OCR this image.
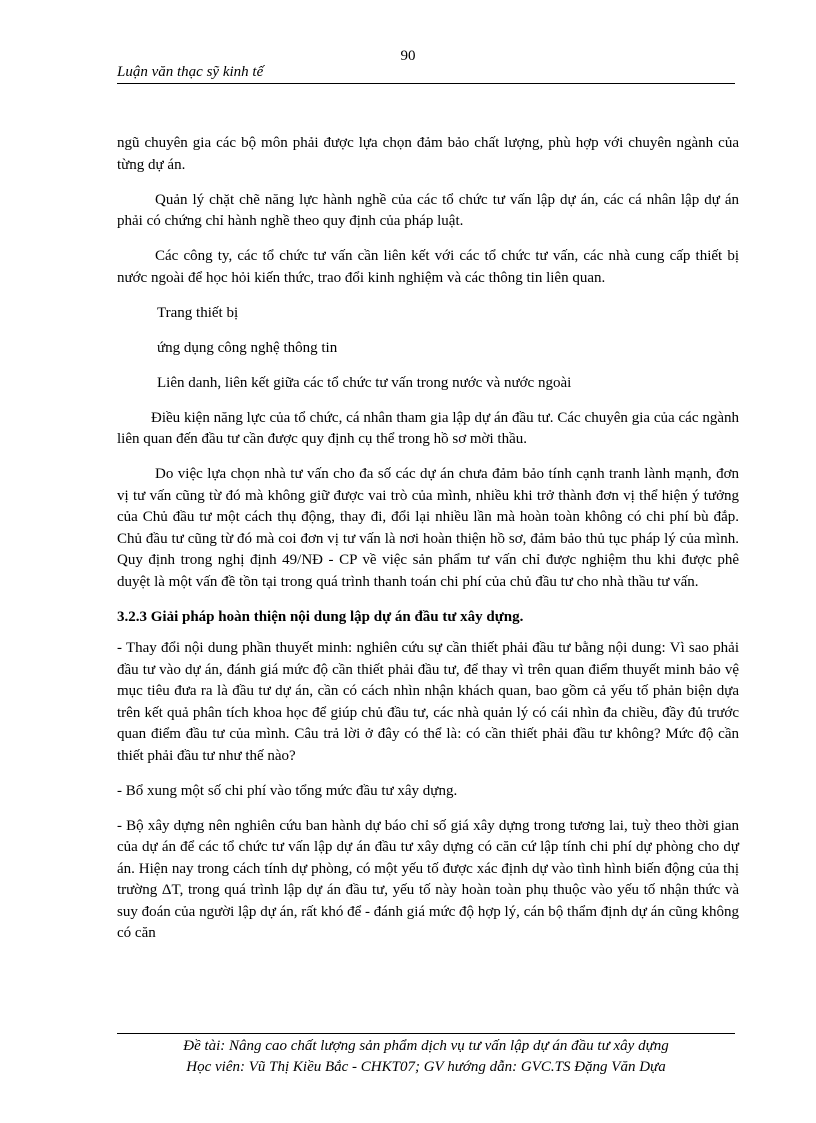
90
Luận văn thạc sỹ kinh tế

ngũ chuyên gia các bộ môn phải được lựa chọn đảm bảo chất lượng, phù hợp với chuyên ngành của từng dự án.

Quản lý chặt chẽ năng lực hành nghề của các tổ chức tư vấn lập dự án, các cá nhân lập dự án phải có chứng chỉ hành nghề theo quy định của pháp luật.

Các công ty, các tổ chức tư vấn cần liên kết với các tổ chức tư vấn, các nhà cung cấp thiết bị nước ngoài để học hỏi kiến thức, trao đổi kinh nghiệm và các thông tin liên quan.

Trang thiết bị

ứng dụng công nghệ thông tin

Liên danh, liên kết giữa các tổ chức tư vấn trong nước và nước ngoài

Điều kiện năng lực của tổ chức, cá nhân tham gia lập dự án đầu tư. Các chuyên gia của các ngành liên quan đến đầu tư cần được quy định cụ thể trong hồ sơ mời thầu.

Do việc lựa chọn nhà tư vấn cho đa số các dự án chưa đảm bảo tính cạnh tranh lành mạnh, đơn vị tư vấn cũng từ đó mà không giữ được vai trò của mình, nhiều khi trở thành đơn vị thể hiện ý tưởng của Chủ đầu tư một cách thụ động, thay đi, đổi lại nhiều lần mà hoàn toàn không có chi phí bù đắp. Chủ đầu tư cũng từ đó mà coi đơn vị tư vấn là nơi hoàn thiện hồ sơ, đảm bảo thủ tục pháp lý của mình. Quy định trong nghị định 49/NĐ - CP về việc sản phẩm tư vấn chỉ được nghiệm thu khi được phê duyệt là một vấn đề tồn tại trong quá trình thanh toán chi phí của chủ đầu tư cho nhà thầu tư vấn.

3.2.3 Giải pháp hoàn thiện nội dung lập dự án đầu tư xây dựng.

- Thay đổi nội dung phần thuyết minh: nghiên cứu sự cần thiết phải đầu tư bằng nội dung: Vì sao phải đầu tư vào dự án, đánh giá mức độ cần thiết phải đầu tư, để thay vì trên quan điểm thuyết minh bảo vệ mục tiêu đưa ra là đầu tư dự án, cần có cách nhìn nhận khách quan, bao gồm cả yếu tố phản biện dựa trên kết quả phân tích khoa học để giúp chủ đầu tư, các nhà quản lý có cái nhìn đa chiều, đầy đủ trước quan điểm đầu tư của mình. Câu trả lời ở đây có thể là: có cần thiết phải đầu tư không? Mức độ cần thiết phải đầu tư như thế nào?

- Bổ xung một số chi phí vào tổng mức đầu tư xây dựng.

- Bộ xây dựng nên nghiên cứu ban hành dự báo chỉ số giá xây dựng trong tương lai, tuỳ theo thời gian của dự án để các tổ chức tư vấn lập dự án đầu tư xây dựng có căn cứ lập tính chi phí dự phòng cho dự án. Hiện nay trong cách tính dự phòng, có một yếu tố được xác định dự vào tình hình biến động của thị trường ΔT, trong quá trình lập dự án đầu tư, yếu tố này hoàn toàn phụ thuộc vào yếu tố nhận thức và suy đoán của người lập dự án, rất khó để - đánh giá mức độ hợp lý, cán bộ thẩm định dự án cũng không có căn

Đề tài: Nâng cao chất lượng sản phẩm dịch vụ tư vấn lập dự án đầu tư xây dựng
Học viên: Vũ Thị Kiều Bắc - CHKT07; GV hướng dẫn: GVC.TS Đặng Văn Dựa
